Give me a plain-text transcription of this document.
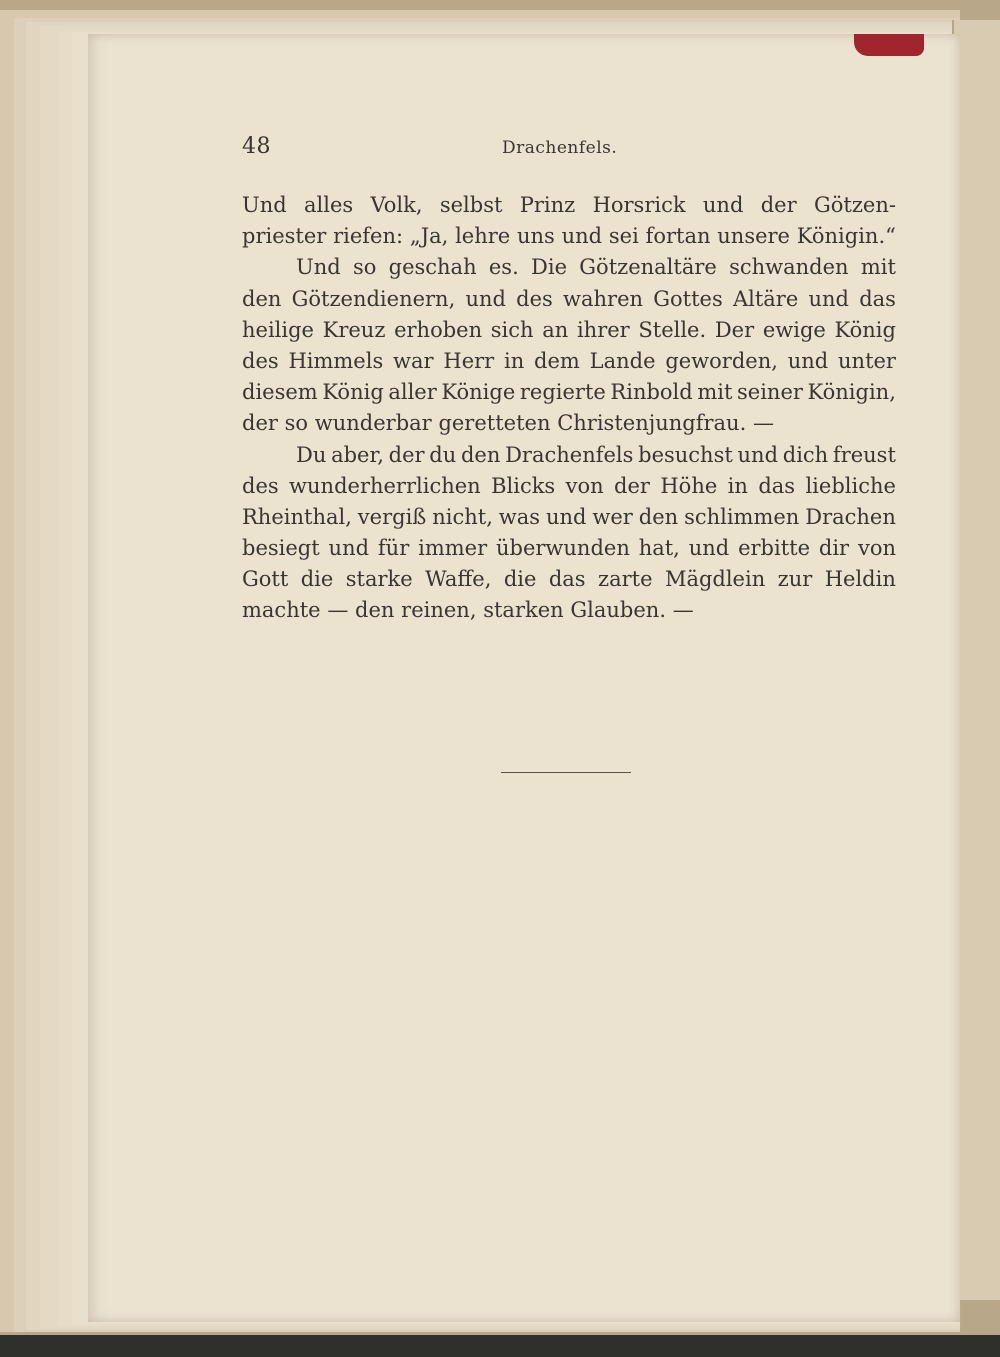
48	Drachenfels.
Und alles Volk, selbst Prinz Horsrick und der Götzen-
priester riefen: „Ja, lehre uns und sei fortan unsere Königin.“
Und so geschah es. Die Götzenaltäre schwanden mit
den Götzendienern, und des wahren Gottes Altäre und das
heilige Kreuz erhoben sich an ihrer Stelle. Der ewige König
des Himmels war Herr in dem Lande geworden, und unter
diesem König aller Könige regierte Rinbold mit seiner Königin,
der so wunderbar geretteten Christenjungfrau. —
Du aber, der du den Drachenfels besuchst und dich freust
des wunderherrlichen Blicks von der Höhe in das liebliche
Rheinthal, vergiß nicht, was und wer den schlimmen Drachen
besiegt und für immer überwunden hat, und erbitte dir von
Gott die starke Waffe, die das zarte Mägdlein zur Heldin
machte — den reinen, starken Glauben. —
